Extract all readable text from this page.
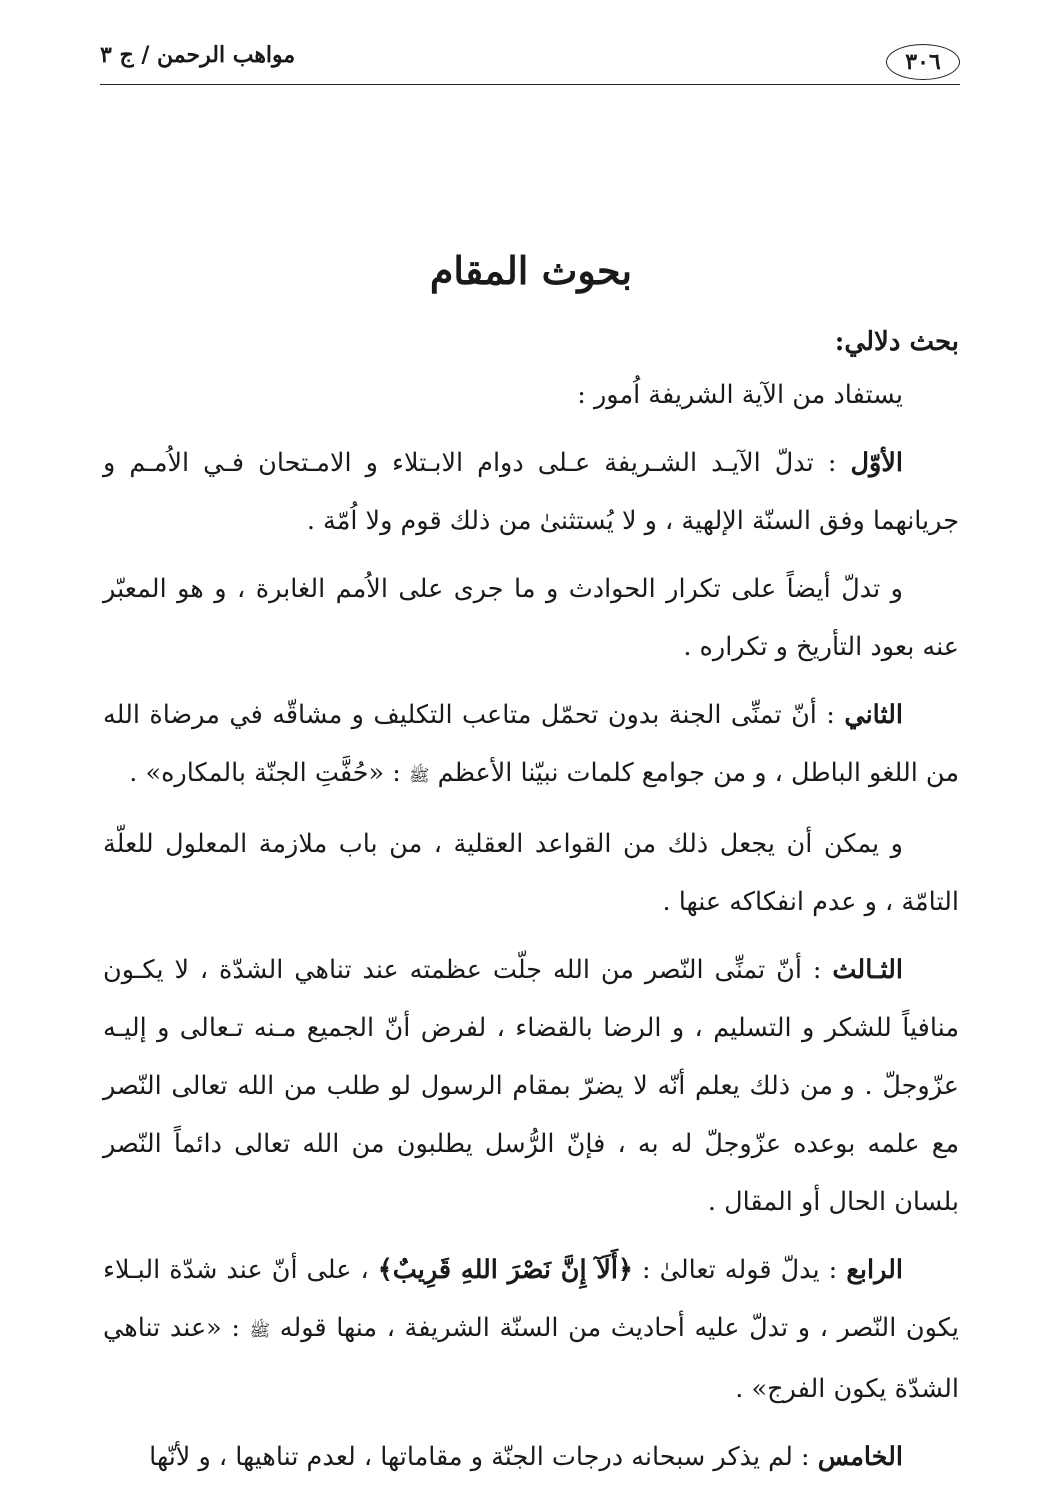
٣٠٦
مواهب الرحمن / ج ٣
بحوث المقام
بحث دلالي:

يستفاد من الآية الشريفة اُمور :

الأوّل : تدلّ الآيـد الشـريفة عـلى دوام الابـتلاء و الامـتحان فـي الاُمـم و جريانهما وفق السنّة الإلهية ، و لا يُستثنىٰ من ذلك قوم ولا اُمّة .

و تدلّ أيضاً على تكرار الحوادث و ما جرى على الاُمم الغابرة ، و هو المعبّر عنه بعود التأريخ و تكراره .

الثاني : أنّ تمنِّى الجنة بدون تحمّل متاعب التكليف و مشاقّه في مرضاة الله من اللغو الباطل ، و من جوامع كلمات نبيّنا الأعظم ﷺ : «حُفَّتِ الجنّة بالمكاره» .

و يمكن أن يجعل ذلك من القواعد العقلية ، من باب ملازمة المعلول للعلّة التامّة ، و عدم انفكاكه عنها .

الثـالث : أنّ تمنِّى النّصر من الله جلّت عظمته عند تناهي الشدّة ، لا يكـون منافياً للشكر و التسليم ، و الرضا بالقضاء ، لفرض أنّ الجميع مـنه تـعالى و إليـه عزّوجلّ . و من ذلك يعلم أنّه لا يضرّ بمقام الرسول لو طلب من الله تعالى النّصر مع علمه بوعده عزّوجلّ له به ، فإنّ الرُّسل يطلبون من الله تعالى دائماً النّصر بلسان الحال أو المقال .

الرابع : يدلّ قوله تعالىٰ : ﴿أَلَآ إِنَّ نَصْرَ اللهِ قَرِيبٌ﴾ ، على أنّ عند شدّة البـلاء يكون النّصر ، و تدلّ عليه أحاديث من السنّة الشريفة ، منها قوله ﷺ : «عند تناهي الشدّة يكون الفرج» .

الخامس : لم يذكر سبحانه درجات الجنّة و مقاماتها ، لعدم تناهيها ، و لأنّها
